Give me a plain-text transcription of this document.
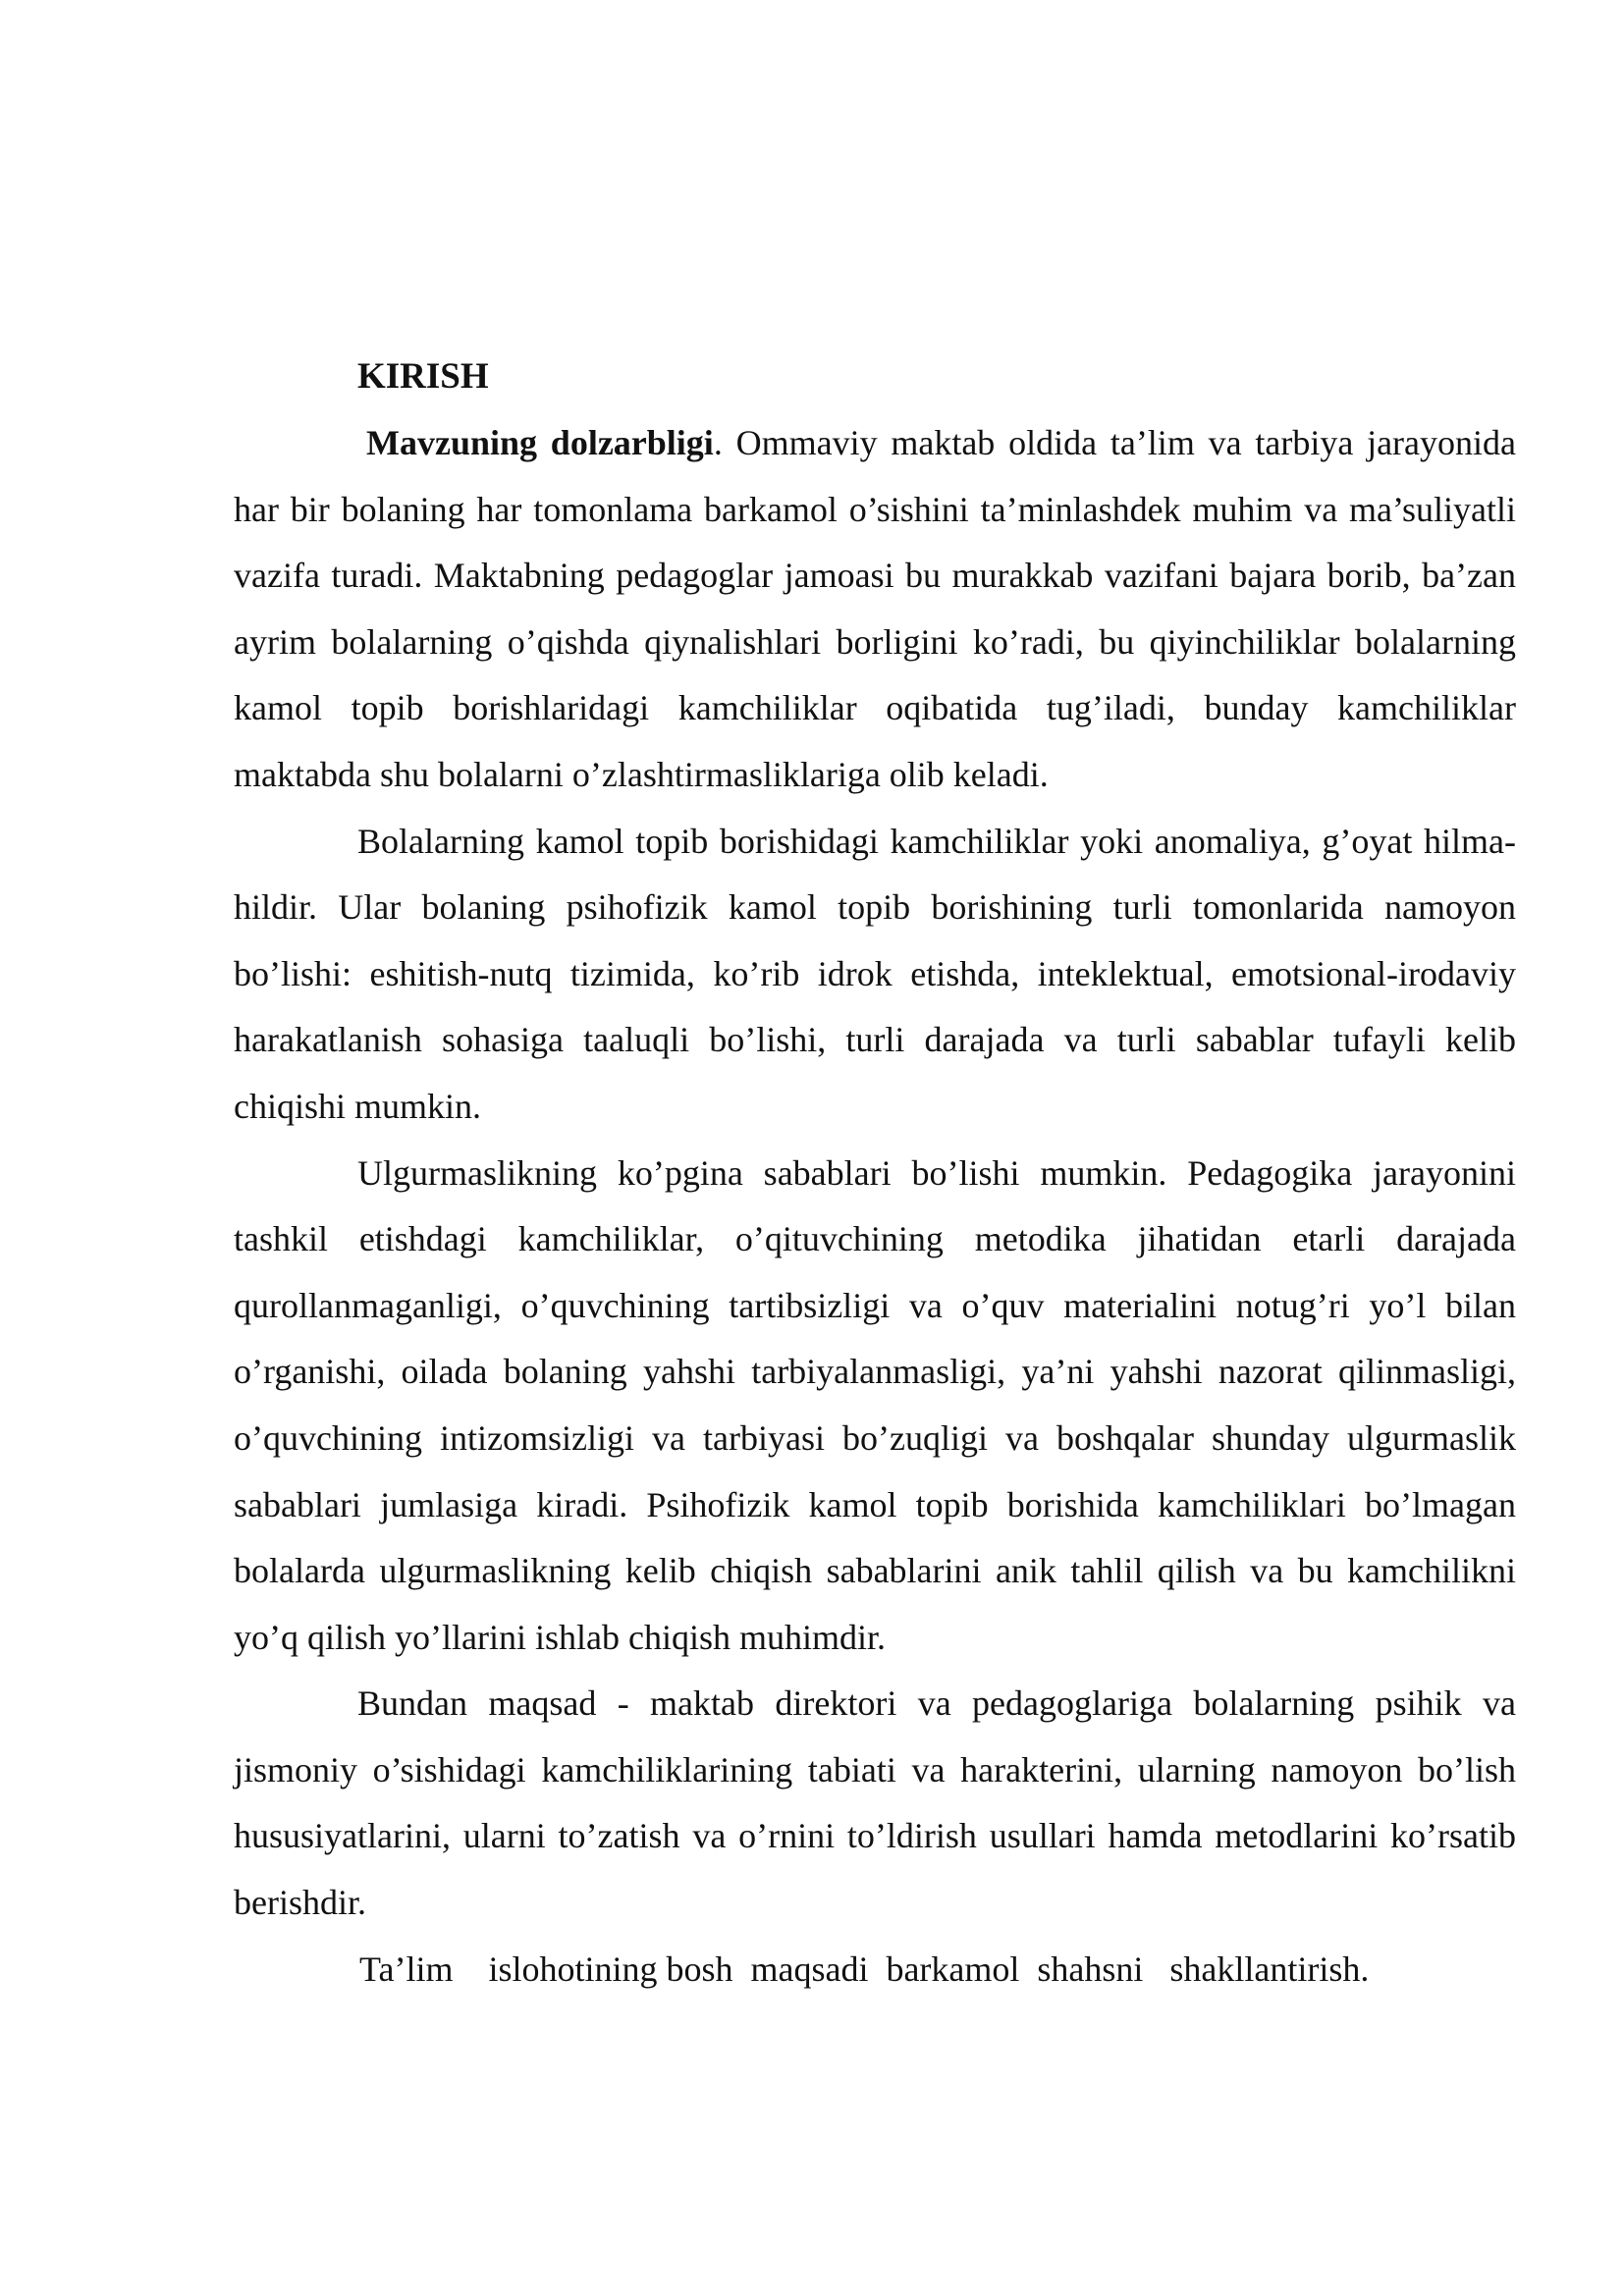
KIRISH

Mavzuning dolzarbligi. Ommaviy maktab oldida ta’lim va tarbiya jarayonida har bir bolaning har tomonlama barkamol o’sishini ta’minlashdek muhim va ma’suliyatli vazifa turadi. Maktabning pedagoglar jamoasi bu murakkab vazifani bajara borib, ba’zan ayrim bolalarning o’qishda qiynalishlari borligini ko’radi, bu qiyinchiliklar bolalarning kamol topib borishlaridagi kamchiliklar oqibatida tug’iladi, bunday kamchiliklar maktabda shu bolalarni o’zlashtirmasliklariga olib keladi.

Bolalarning kamol topib borishidagi kamchiliklar yoki anomaliya, g’oyat hilma-hildir. Ular bolaning psihofizik kamol topib borishining turli tomonlarida namoyon bo’lishi: eshitish-nutq tizimida, ko’rib idrok etishda, inteklektual, emotsional-irodaviy harakatlanish sohasiga taaluqli bo’lishi, turli darajada va turli sabablar tufayli kelib chiqishi mumkin.

Ulgurmaslikning ko’pgina sabablari bo’lishi mumkin. Pedagogika jarayonini tashkil etishdagi kamchiliklar, o’qituvchining metodika jihatidan etarli darajada qurollanmaganligi, o’quvchining tartibsizligi va o’quv materialini notug’ri yo’l bilan o’rganishi, oilada bolaning yahshi tarbiyalanmasligi, ya’ni yahshi nazorat qilinmasligi, o’quvchining intizomsizligi va tarbiyasi bo’zuqligi va boshqalar shunday ulgurmaslik sabablari jumlasiga kiradi. Psihofizik kamol topib borishida kamchiliklari bo’lmagan bolalarda ulgurmaslikning kelib chiqish sabablarini anik tahlil qilish va bu kamchilikni yo’q qilish yo’llarini ishlab chiqish muhimdir.

Bundan maqsad - maktab direktori va pedagoglariga bolalarning psihik va jismoniy o’sishidagi kamchiliklarining tabiati va harakterini, ularning namoyon bo’lish hususiyatlarini, ularni to’zatish va o’rnini to’ldirish usullari hamda metodlarini ko’rsatib berishdir.

Ta’lim    islohotining bosh  maqsadi  barkamol  shahsni   shakllantirish.
